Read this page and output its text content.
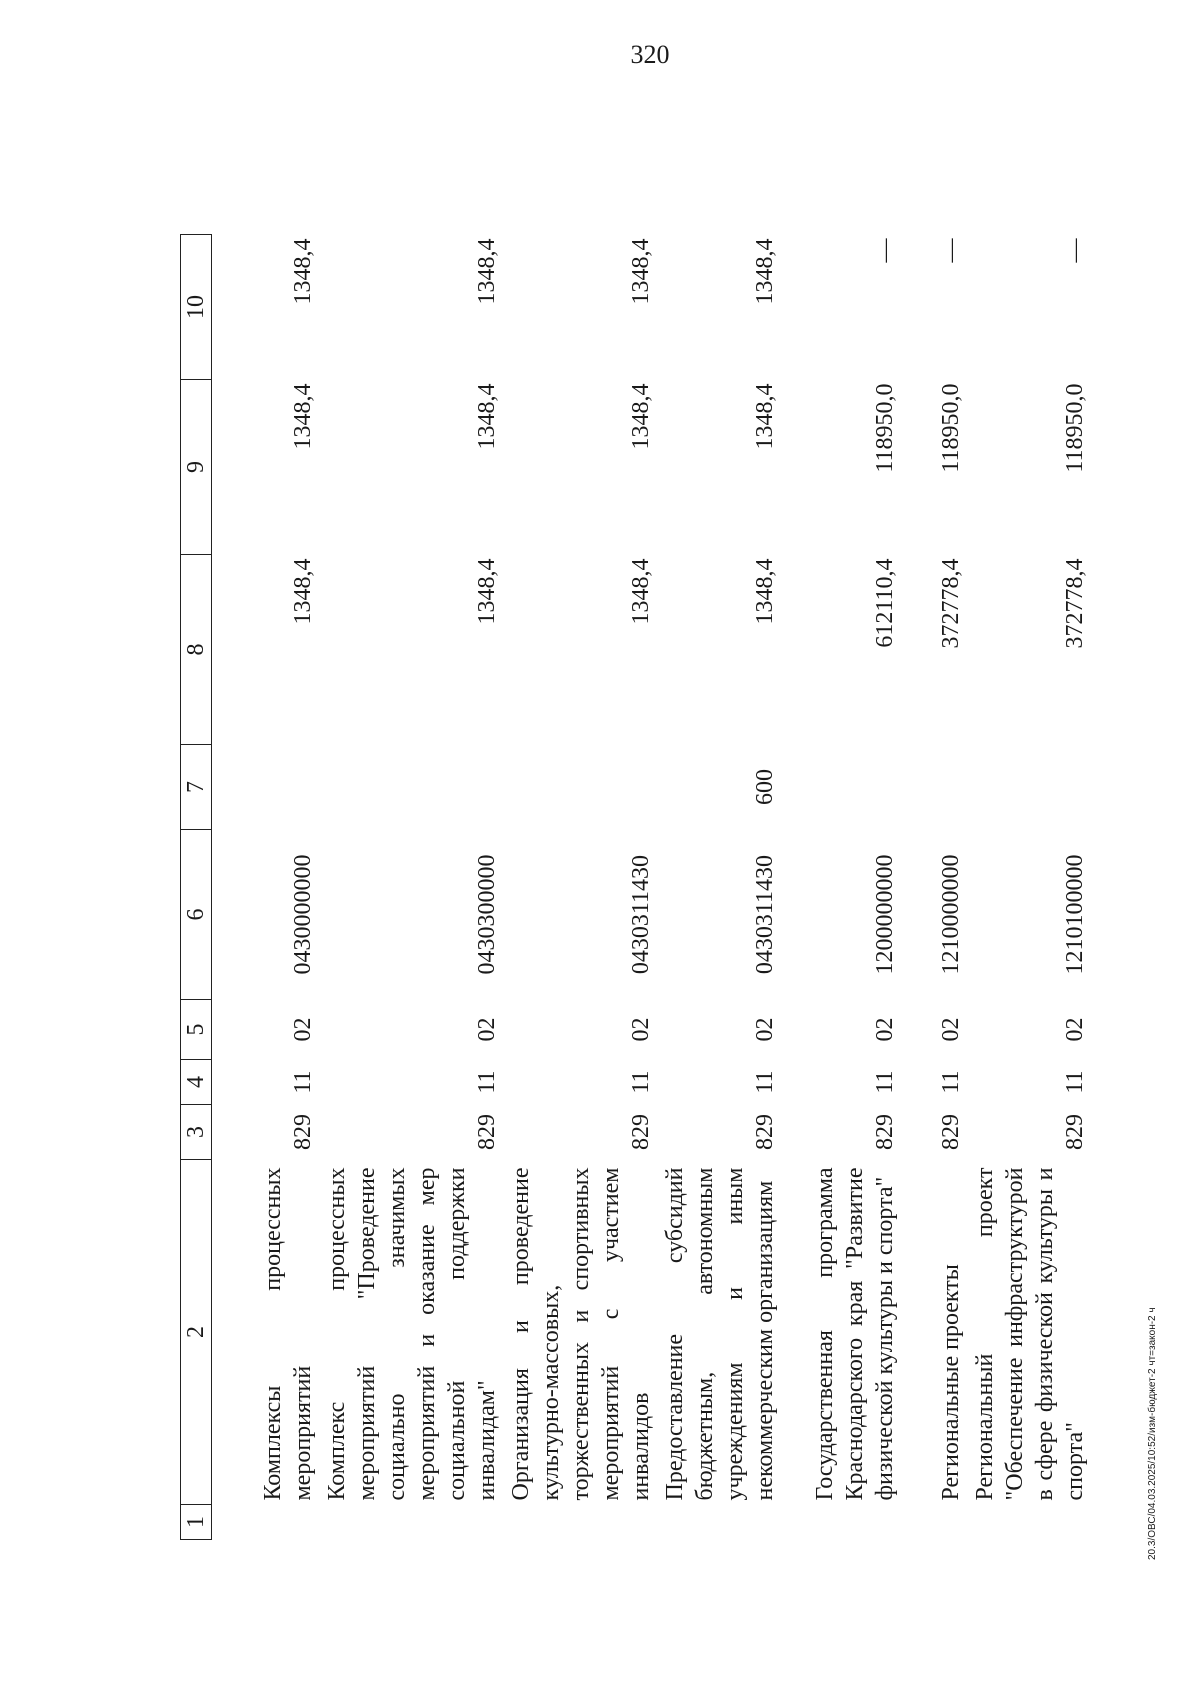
320
1	2	3	4	5	6	7	8	9	10
	Комплексы процессных мероприятий	829	11	02	0430000000		1348,4	1348,4	1348,4
	Комплекс процессных мероприятий "Проведение социально значимых мероприятий и оказание мер социальной поддержки инвалидам"	829	11	02	0430300000		1348,4	1348,4	1348,4
	Организация и проведение культурно-массовых, торжественных и спортивных мероприятий с участием инвалидов	829	11	02	0430311430		1348,4	1348,4	1348,4
	Предоставление субсидий бюджетным, автономным учреждениям и иным некоммерческим организациям	829	11	02	0430311430	600	1348,4	1348,4	1348,4
	Государственная программа Краснодарского края "Развитие физической культуры и спорта"	829	11	02	1200000000		612110,4	118950,0	—
	Региональные проекты	829	11	02	1210000000		372778,4	118950,0	—
	Региональный проект "Обеспечение инфраструктурой в сфере физической культуры и спорта"	829	11	02	1210100000		372778,4	118950,0	—
20.3/ОВС/04.03.2025/10:52/изм-бюджет-2 чт=закон-2 ч
